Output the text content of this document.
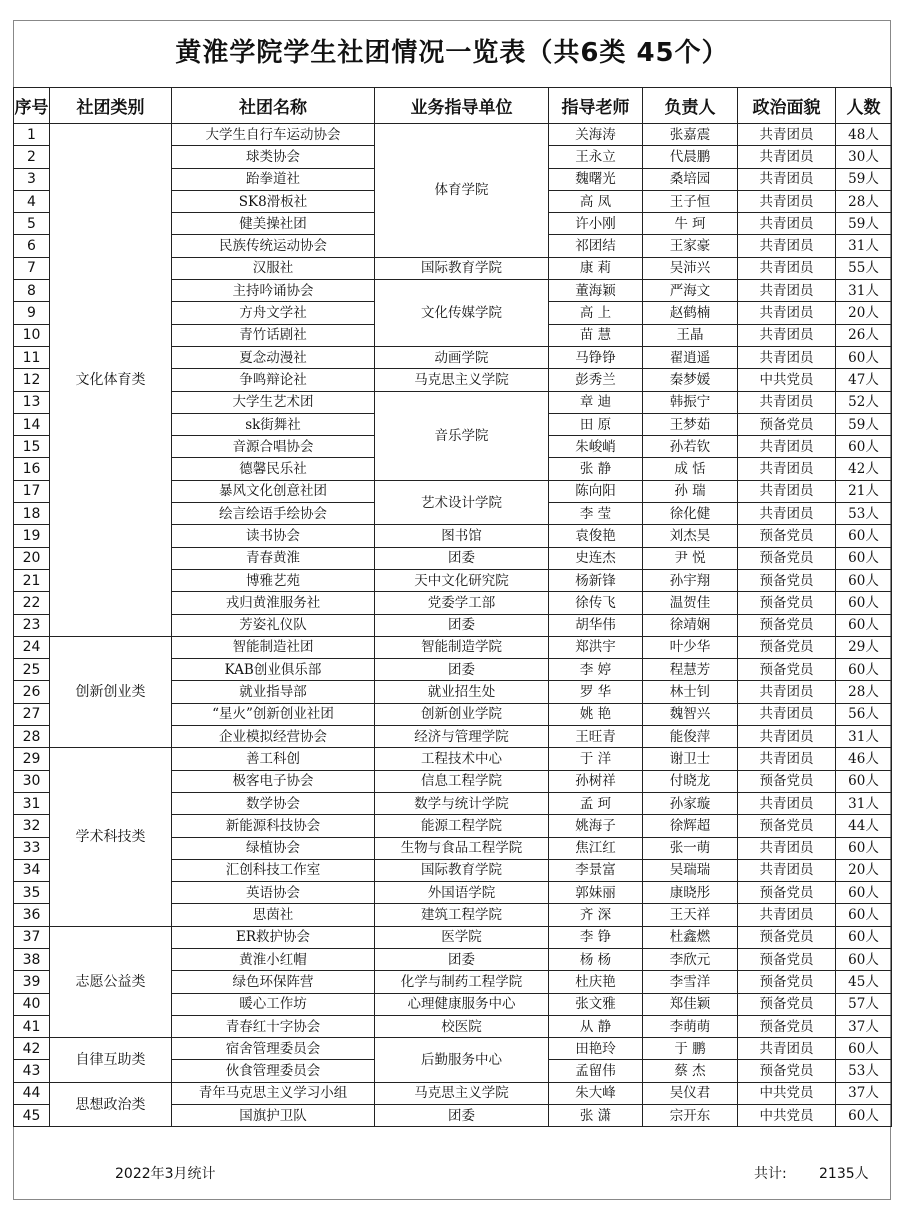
黄淮学院学生社团情况一览表（共6类 45个）
序号	社团类别	社团名称	业务指导单位	指导老师	负责人	政治面貌	人数
1	文化体育类	大学生自行车运动协会	体育学院	关海涛	张嘉震	共青团员	48人
2		球类协会		王永立	代晨鹏	共青团员	30人
3		跆拳道社		魏曙光	桑培园	共青团员	59人
4		SK8滑板社		高 凤	王子恒	共青团员	28人
5		健美操社团		许小刚	牛 珂	共青团员	59人
6		民族传统运动协会		祁团结	王家豪	共青团员	31人
7		汉服社	国际教育学院	康 莉	吴沛兴	共青团员	55人
8		主持吟诵协会	文化传媒学院	董海颖	严海文	共青团员	31人
9		方舟文学社		高 上	赵鹤楠	共青团员	20人
10		青竹话剧社		苗 慧	王晶	共青团员	26人
11		夏念动漫社	动画学院	马铮铮	翟逍遥	共青团员	60人
12		争鸣辩论社	马克思主义学院	彭秀兰	秦梦媛	中共党员	47人
13		大学生艺术团	音乐学院	章 迪	韩振宁	共青团员	52人
14		sk街舞社		田 原	王梦茹	预备党员	59人
15		音源合唱协会		朱峻峭	孙若钦	共青团员	60人
16		德馨民乐社		张 静	成 恬	共青团员	42人
17		暴风文化创意社团	艺术设计学院	陈向阳	孙 瑞	共青团员	21人
18		绘言绘语手绘协会		李 莹	徐化健	共青团员	53人
19		读书协会	图书馆	袁俊艳	刘杰昊	预备党员	60人
20		青春黄淮	团委	史连杰	尹 悦	预备党员	60人
21		博雅艺苑	天中文化研究院	杨新锋	孙宇翔	预备党员	60人
22		戎归黄淮服务社	党委学工部	徐传飞	温贺佳	预备党员	60人
23		芳姿礼仪队	团委	胡华伟	徐靖娴	预备党员	60人
24	创新创业类	智能制造社团	智能制造学院	郑洪宇	叶少华	预备党员	29人
25		KAB创业俱乐部	团委	李 婷	程慧芳	预备党员	60人
26		就业指导部	就业招生处	罗 华	林士钊	共青团员	28人
27		“星火”创新创业社团	创新创业学院	姚 艳	魏智兴	共青团员	56人
28		企业模拟经营协会	经济与管理学院	王旺青	能俊萍	共青团员	31人
29	学术科技类	善工科创	工程技术中心	于 洋	谢卫士	共青团员	46人
30		极客电子协会	信息工程学院	孙树祥	付晓龙	预备党员	60人
31		数学协会	数学与统计学院	孟 珂	孙家璇	共青团员	31人
32		新能源科技协会	能源工程学院	姚海子	徐辉超	预备党员	44人
33		绿植协会	生物与食品工程学院	焦江红	张一萌	共青团员	60人
34		汇创科技工作室	国际教育学院	李景富	吴瑞瑞	共青团员	20人
35		英语协会	外国语学院	郭妹丽	康晓彤	预备党员	60人
36		思茵社	建筑工程学院	齐 深	王天祥	共青团员	60人
37	志愿公益类	ER救护协会	医学院	李 铮	杜鑫燃	预备党员	60人
38		黄淮小红帽	团委	杨 杨	李欣元	预备党员	60人
39		绿色环保阵营	化学与制药工程学院	杜庆艳	李雪洋	预备党员	45人
40		暖心工作坊	心理健康服务中心	张文雅	郑佳颖	预备党员	57人
41		青春红十字协会	校医院	从 静	李萌萌	预备党员	37人
42	自律互助类	宿舍管理委员会	后勤服务中心	田艳玲	于 鹏	共青团员	60人
43		伙食管理委员会		孟留伟	蔡 杰	预备党员	53人
44	思想政治类	青年马克思主义学习小组	马克思主义学院	朱大峰	吴仪君	中共党员	37人
45		国旗护卫队	团委	张 潇	宗开东	中共党员	60人
2022年3月统计	共计: 2135人
